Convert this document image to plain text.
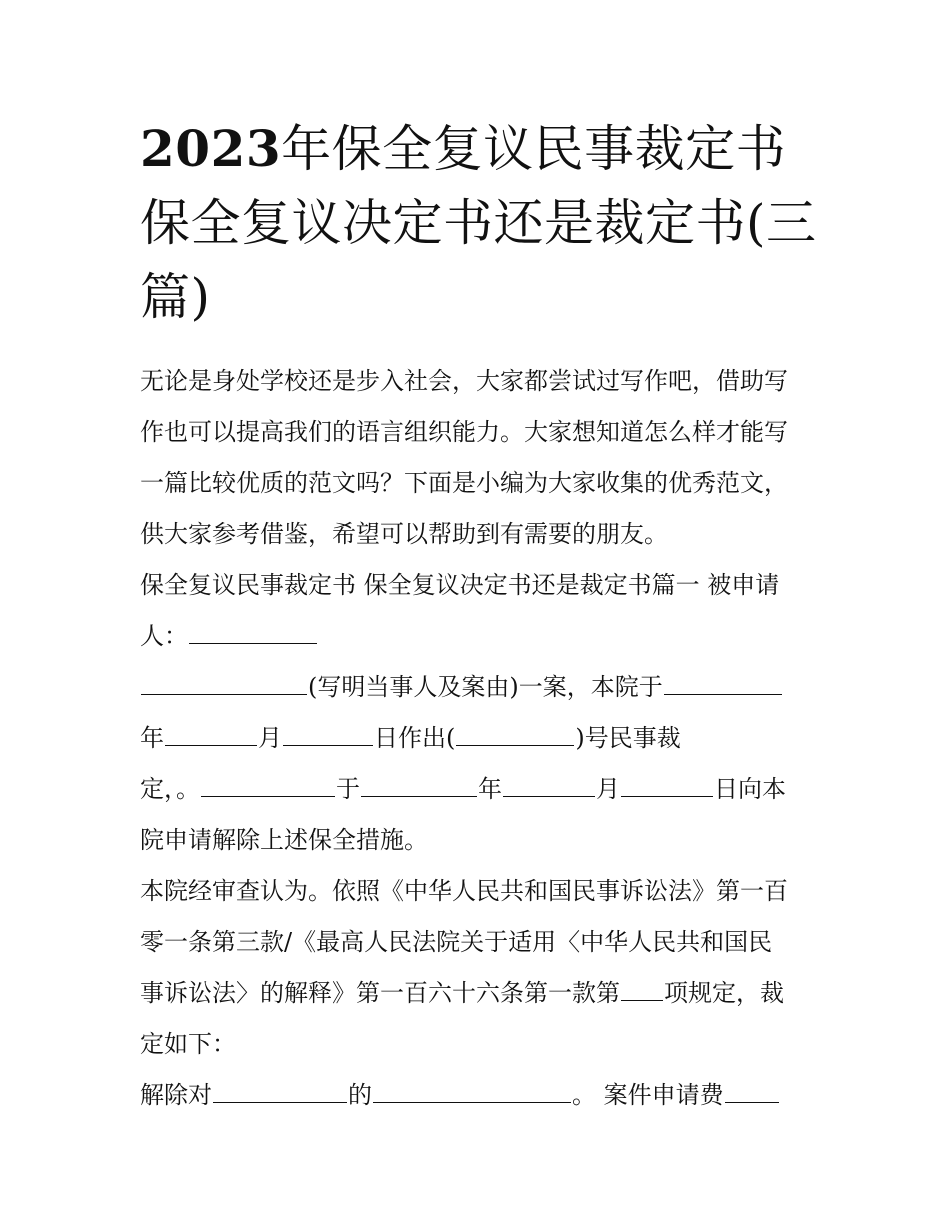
2023年保全复议民事裁定书
保全复议决定书还是裁定书(三
篇)

无论是身处学校还是步入社会，大家都尝试过写作吧，借助写
作也可以提高我们的语言组织能力。大家想知道怎么样才能写
一篇比较优质的范文吗？下面是小编为大家收集的优秀范文，
供大家参考借鉴，希望可以帮助到有需要的朋友。

保全复议民事裁定书 保全复议决定书还是裁定书篇一 被申请
人：

(写明当事人及案由)一案，本院于
年	月	日作出(	)号民事裁
定，。	于	年	月	日向本
院申请解除上述保全措施。

本院经审查认为。依照《中华人民共和国民事诉讼法》第一百
零一条第三款/《最高人民法院关于适用〈中华人民共和国民
事诉讼法〉的解释》第一百六十六条第一款第 项规定，裁
定如下：

解除对	的	。 案件申请费
